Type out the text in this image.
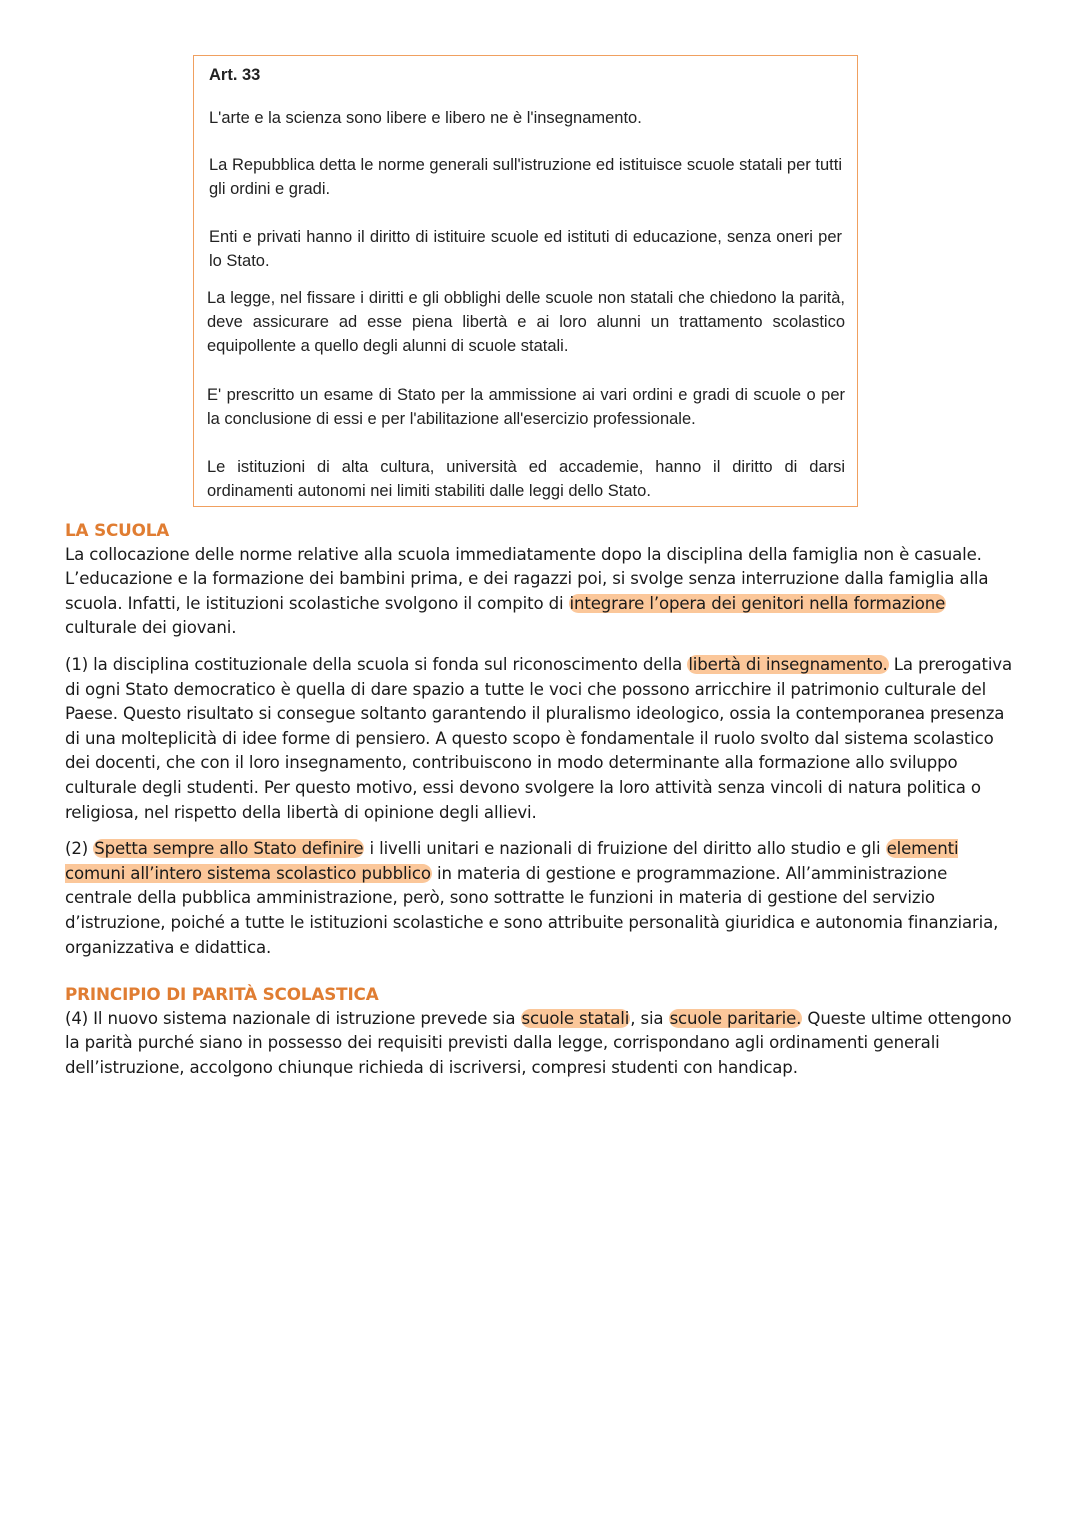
Art. 33

L'arte e la scienza sono libere e libero ne è l'insegnamento.

La Repubblica detta le norme generali sull'istruzione ed istituisce scuole statali per tutti gli ordini e gradi.

Enti e privati hanno il diritto di istituire scuole ed istituti di educazione, senza oneri per lo Stato.

La legge, nel fissare i diritti e gli obblighi delle scuole non statali che chiedono la parità, deve assicurare ad esse piena libertà e ai loro alunni un trattamento scolastico equipollente a quello degli alunni di scuole statali.

E' prescritto un esame di Stato per la ammissione ai vari ordini e gradi di scuole o per la conclusione di essi e per l'abilitazione all'esercizio professionale.

Le istituzioni di alta cultura, università ed accademie, hanno il diritto di darsi ordinamenti autonomi nei limiti stabiliti dalle leggi dello Stato.

LA SCUOLA

La collocazione delle norme relative alla scuola immediatamente dopo la disciplina della famiglia non è casuale. L’educazione e la formazione dei bambini prima, e dei ragazzi poi, si svolge senza interruzione dalla famiglia alla scuola. Infatti, le istituzioni scolastiche svolgono il compito di integrare l’opera dei genitori nella formazione culturale dei giovani.

(1) la disciplina costituzionale della scuola si fonda sul riconoscimento della libertà di insegnamento. La prerogativa di ogni Stato democratico è quella di dare spazio a tutte le voci che possono arricchire il patrimonio culturale del Paese. Questo risultato si consegue soltanto garantendo il pluralismo ideologico, ossia la contemporanea presenza di una molteplicità di idee forme di pensiero. A questo scopo è fondamentale il ruolo svolto dal sistema scolastico dei docenti, che con il loro insegnamento, contribuiscono in modo determinante alla formazione allo sviluppo culturale degli studenti. Per questo motivo, essi devono svolgere la loro attività senza vincoli di natura politica o religiosa, nel rispetto della libertà di opinione degli allievi.

(2) Spetta sempre allo Stato definire i livelli unitari e nazionali di fruizione del diritto allo studio e gli elementi comuni all’intero sistema scolastico pubblico in materia di gestione e programmazione. All’amministrazione centrale della pubblica amministrazione, però, sono sottratte le funzioni in materia di gestione del servizio d’istruzione, poiché a tutte le istituzioni scolastiche e sono attribuite personalità giuridica e autonomia finanziaria, organizzativa e didattica.

PRINCIPIO DI PARITÀ SCOLASTICA

(4) Il nuovo sistema nazionale di istruzione prevede sia scuole statali, sia scuole paritarie. Queste ultime ottengono la parità purché siano in possesso dei requisiti previsti dalla legge, corrispondano agli ordinamenti generali dell’istruzione, accolgono chiunque richieda di iscriversi, compresi studenti con handicap.
